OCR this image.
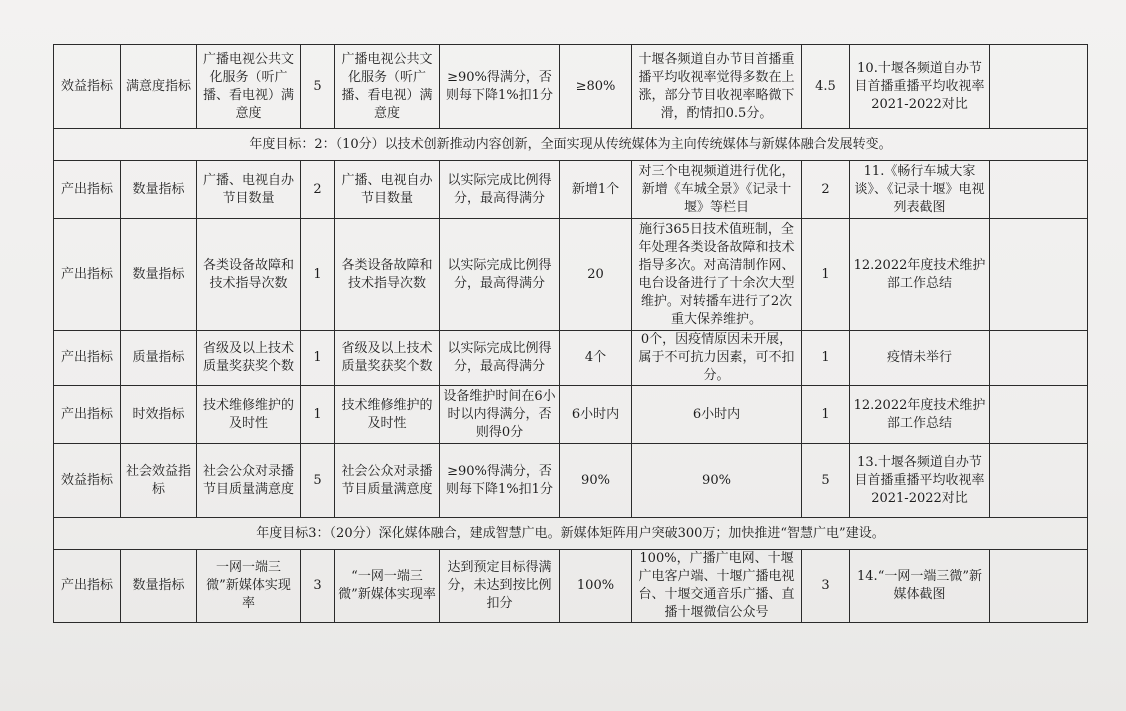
效益指标	满意度指标	广播电视公共文化服务（听广播、看电视）满意度	5	广播电视公共文化服务（听广播、看电视）满意度	≥90%得满分，否则每下降1%扣1分	≥80%	十堰各频道自办节目首播重播平均收视率觉得多数在上涨，部分节目收视率略微下滑，酌情扣0.5分。	4.5	10.十堰各频道自办节目首播重播平均收视率2021-2022对比	
年度目标：2：（10分）以技术创新推动内容创新，全面实现从传统媒体为主向传统媒体与新媒体融合发展转变。										
产出指标	数量指标	广播、电视自办节目数量	2	广播、电视自办节目数量	以实际完成比例得分，最高得满分	新增1个	对三个电视频道进行优化，新增《车城全景》《记录十堰》等栏目	2	11.《畅行车城大家谈》、《记录十堰》电视列表截图	
产出指标	数量指标	各类设备故障和技术指导次数	1	各类设备故障和技术指导次数	以实际完成比例得分，最高得满分	20	施行365日技术值班制，全年处理各类设备故障和技术指导多次。对高清制作网、电台设备进行了十余次大型维护。对转播车进行了2次重大保养维护。	1	12.2022年度技术维护部工作总结	
产出指标	质量指标	省级及以上技术质量奖获奖个数	1	省级及以上技术质量奖获奖个数	以实际完成比例得分，最高得满分	4个	0个，因疫情原因未开展，属于不可抗力因素，可不扣分。	1	疫情未举行	
产出指标	时效指标	技术维修维护的及时性	1	技术维修维护的及时性	设备维护时间在6小时以内得满分，否则得0分	6小时内	6小时内	1	12.2022年度技术维护部工作总结	
效益指标	社会效益指标	社会公众对录播节目质量满意度	5	社会公众对录播节目质量满意度	≥90%得满分，否则每下降1%扣1分	90%	90%	5	13.十堰各频道自办节目首播重播平均收视率2021-2022对比	
年度目标3：（20分）深化媒体融合，建成智慧广电。新媒体矩阵用户突破300万；加快推进“智慧广电”建设。										
产出指标	数量指标	一网一端三微”新媒体实现率	3	“一网一端三微”新媒体实现率	达到预定目标得满分，未达到按比例扣分	100%	100%，广播广电网、十堰广电客户端、十堰广播电视台、十堰交通音乐广播、直播十堰微信公众号	3	14.“一网一端三微”新媒体截图	
